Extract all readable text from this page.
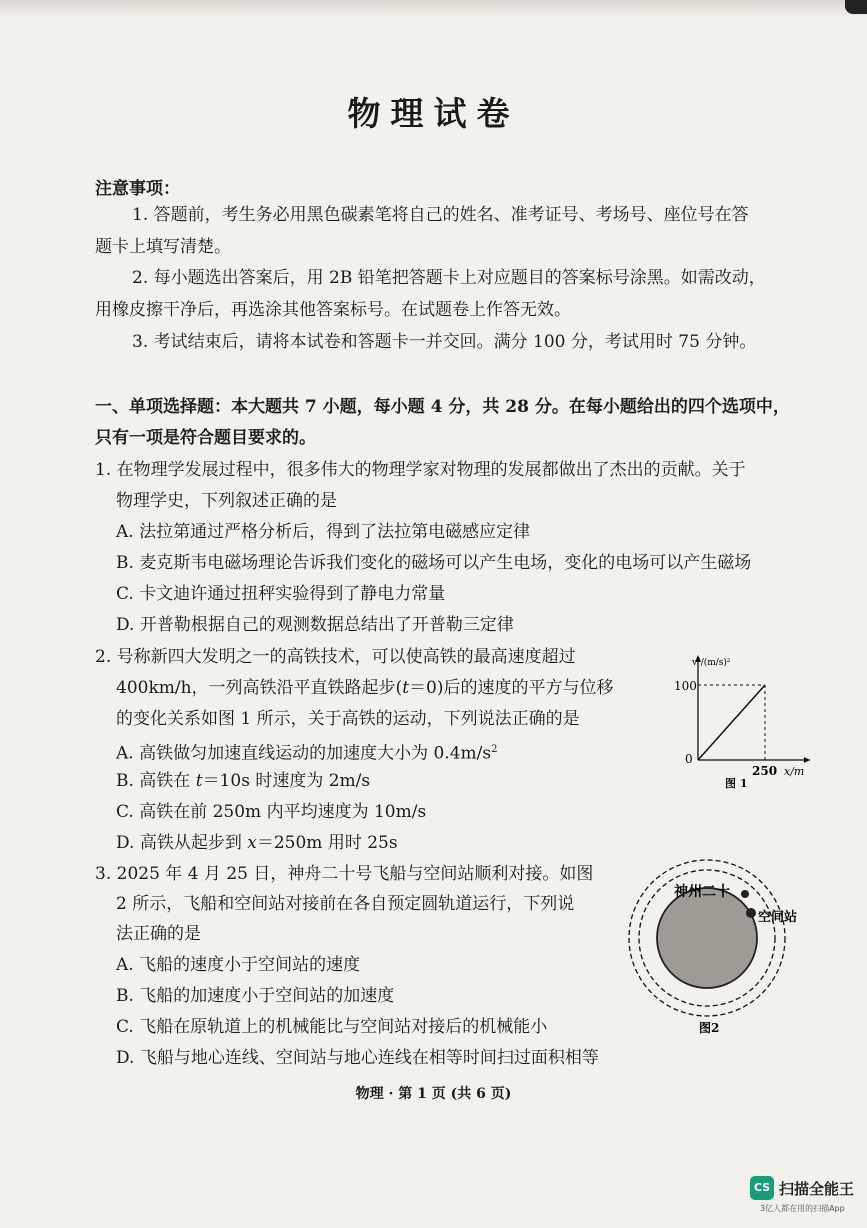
物理试卷
注意事项：
1. 答题前，考生务必用黑色碳素笔将自己的姓名、准考证号、考场号、座位号在答
题卡上填写清楚。
2. 每小题选出答案后，用 2B 铅笔把答题卡上对应题目的答案标号涂黑。如需改动，
用橡皮擦干净后，再选涂其他答案标号。在试题卷上作答无效。
3. 考试结束后，请将本试卷和答题卡一并交回。满分 100 分，考试用时 75 分钟。
一、单项选择题：本大题共 7 小题，每小题 4 分，共 28 分。在每小题给出的四个选项中，
只有一项是符合题目要求的。
1. 在物理学发展过程中，很多伟大的物理学家对物理的发展都做出了杰出的贡献。关于
物理学史，下列叙述正确的是
A. 法拉第通过严格分析后，得到了法拉第电磁感应定律
B. 麦克斯韦电磁场理论告诉我们变化的磁场可以产生电场，变化的电场可以产生磁场
C. 卡文迪许通过扭秤实验得到了静电力常量
D. 开普勒根据自己的观测数据总结出了开普勒三定律
2. 号称新四大发明之一的高铁技术，可以使高铁的最高速度超过
400km/h，一列高铁沿平直铁路起步(t＝0)后的速度的平方与位移
的变化关系如图 1 所示，关于高铁的运动，下列说法正确的是
A. 高铁做匀加速直线运动的加速度大小为 $0.4m/s^2$
B. 高铁在 t＝10s 时速度为 2m/s
C. 高铁在前 250m 内平均速度为 10m/s
D. 高铁从起步到 x＝250m 用时 25s
v²/(m/s)²
100
0
250 x/m
图 1
3. 2025 年 4 月 25 日，神舟二十号飞船与空间站顺利对接。如图
2 所示，飞船和空间站对接前在各自预定圆轨道运行，下列说
法正确的是
A. 飞船的速度小于空间站的速度
B. 飞船的加速度小于空间站的加速度
C. 飞船在原轨道上的机械能比与空间站对接后的机械能小
D. 飞船与地心连线、空间站与地心连线在相等时间扫过面积相等
神州二十
空间站
图2
物理 · 第 1 页 (共 6 页)
CS 扫描全能王
3亿人都在用的扫描App
